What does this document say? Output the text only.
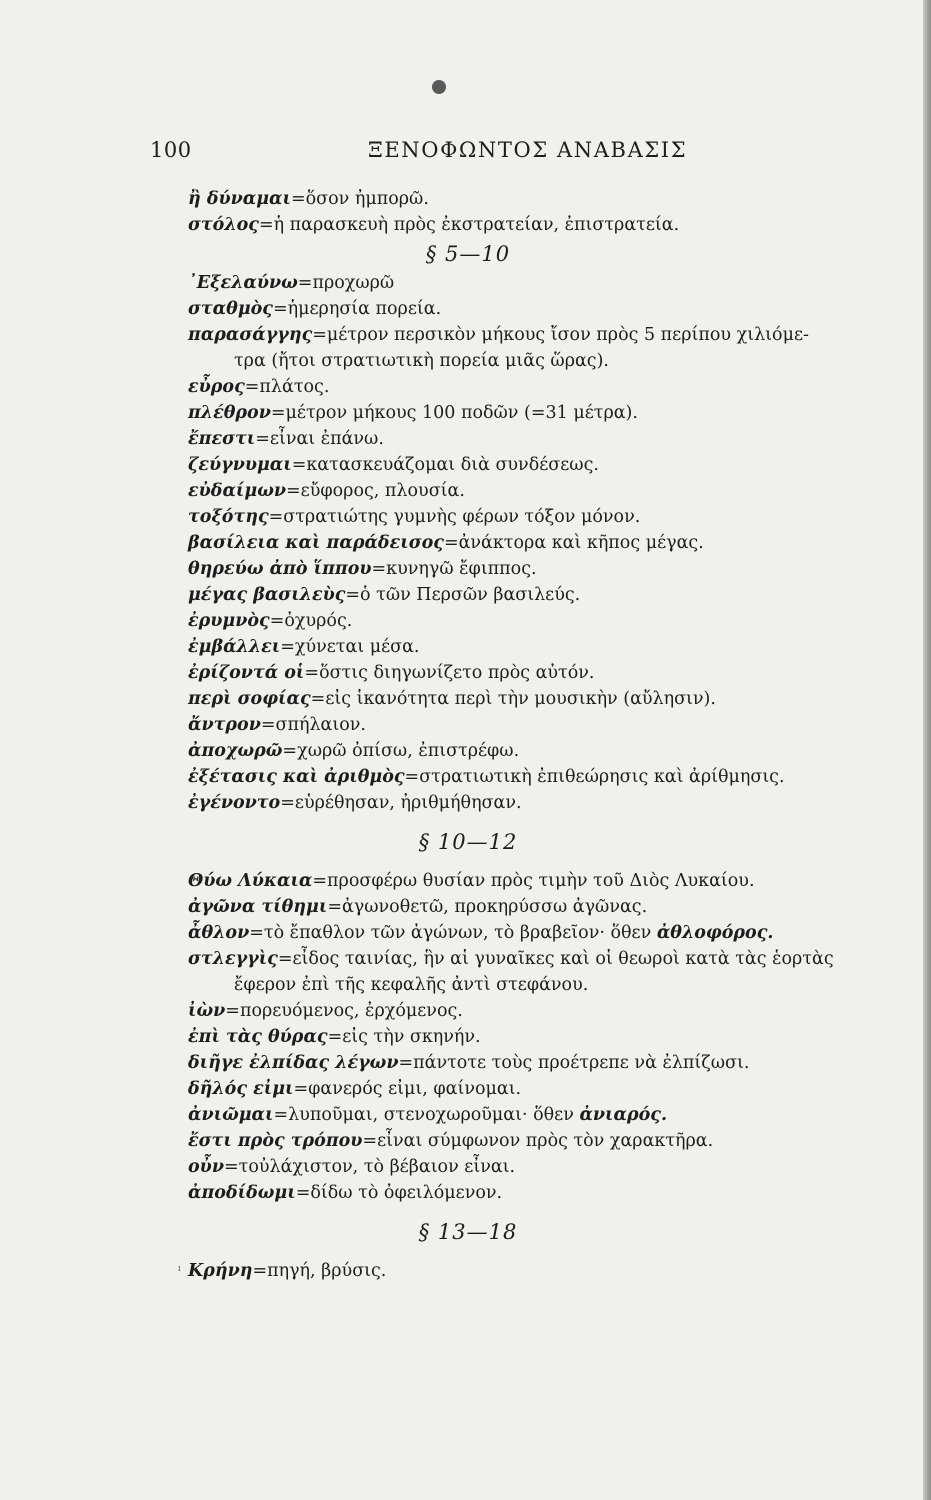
100	ΞΕΝΟΦΩΝΤΟΣ ΑΝΑΒΑΣΙΣ
ἢ δύναμαι=ὅσον ἠμπορῶ.
στόλος=ἡ παρασκευὴ πρὸς ἐκστρατείαν, ἐπιστρατεία.
§ 5—10
᾽Εξελαύνω=προχωρῶ
σταθμὸς=ἡμερησία πορεία.
παρασάγγης=μέτρον περσικὸν μήκους ἴσον πρὸς 5 περίπου χιλιόμε-
τρα (ἤτοι στρατιωτικὴ πορεία μιᾶς ὥρας).
εὖρος=πλάτος.
πλέθρον=μέτρον μήκους 100 ποδῶν (=31 μέτρα).
ἔπεστι=εἶναι ἐπάνω.
ζεύγνυμαι=κατασκευάζομαι διὰ συνδέσεως.
εὐδαίμων=εὔφορος, πλουσία.
τοξότης=στρατιώτης γυμνὴς φέρων τόξον μόνον.
βασίλεια καὶ παράδεισος=ἀνάκτορα καὶ κῆπος μέγας.
θηρεύω ἀπὸ ἵππου=κυνηγῶ ἔφιππος.
μέγας βασιλεὺς=ὁ τῶν Περσῶν βασιλεύς.
ἐρυμνὸς=ὀχυρός.
ἐμβάλλει=χύνεται μέσα.
ἐρίζοντά οἱ=ὅστις διηγωνίζετο πρὸς αὐτόν.
περὶ σοφίας=εἰς ἱκανότητα περὶ τὴν μουσικὴν (αὔλησιν).
ἄντρον=σπήλαιον.
ἀποχωρῶ=χωρῶ ὀπίσω, ἐπιστρέφω.
ἐξέτασις καὶ ἀριθμὸς=στρατιωτικὴ ἐπιθεώρησις καὶ ἀρίθμησις.
ἐγένοντο=εὑρέθησαν, ἠριθμήθησαν.
§ 10—12
Θύω Λύκαια=προσφέρω θυσίαν πρὸς τιμὴν τοῦ Διὸς Λυκαίου.
ἀγῶνα τίθημι=ἀγωνοθετῶ, προκηρύσσω ἀγῶνας.
ἆθλον=τὸ ἔπαθλον τῶν ἀγώνων, τὸ βραβεῖον· ὅθεν ἀθλοφόρος.
στλεγγὶς=εἶδος ταινίας, ἣν αἱ γυναῖκες καὶ οἱ θεωροὶ κατὰ τὰς ἑορτὰς
ἔφερον ἐπὶ τῆς κεφαλῆς ἀντὶ στεφάνου.
ἰὼν=πορευόμενος, ἐρχόμενος.
ἐπὶ τὰς θύρας=εἰς τὴν σκηνήν.
διῆγε ἐλπίδας λέγων=πάντοτε τοὺς προέτρεπε νὰ ἐλπίζωσι.
δῆλός εἰμι=φανερός εἰμι, φαίνομαι.
ἀνιῶμαι=λυποῦμαι, στενοχωροῦμαι· ὅθεν ἀνιαρός.
ἔστι πρὸς τρόπου=εἶναι σύμφωνον πρὸς τὸν χαρακτῆρα.
οὖν=τοὐλάχιστον, τὸ βέβαιον εἶναι.
ἀποδίδωμι=δίδω τὸ ὀφειλόμενον.
§ 13—18
ˡ Κρήνη=πηγή, βρύσις.
